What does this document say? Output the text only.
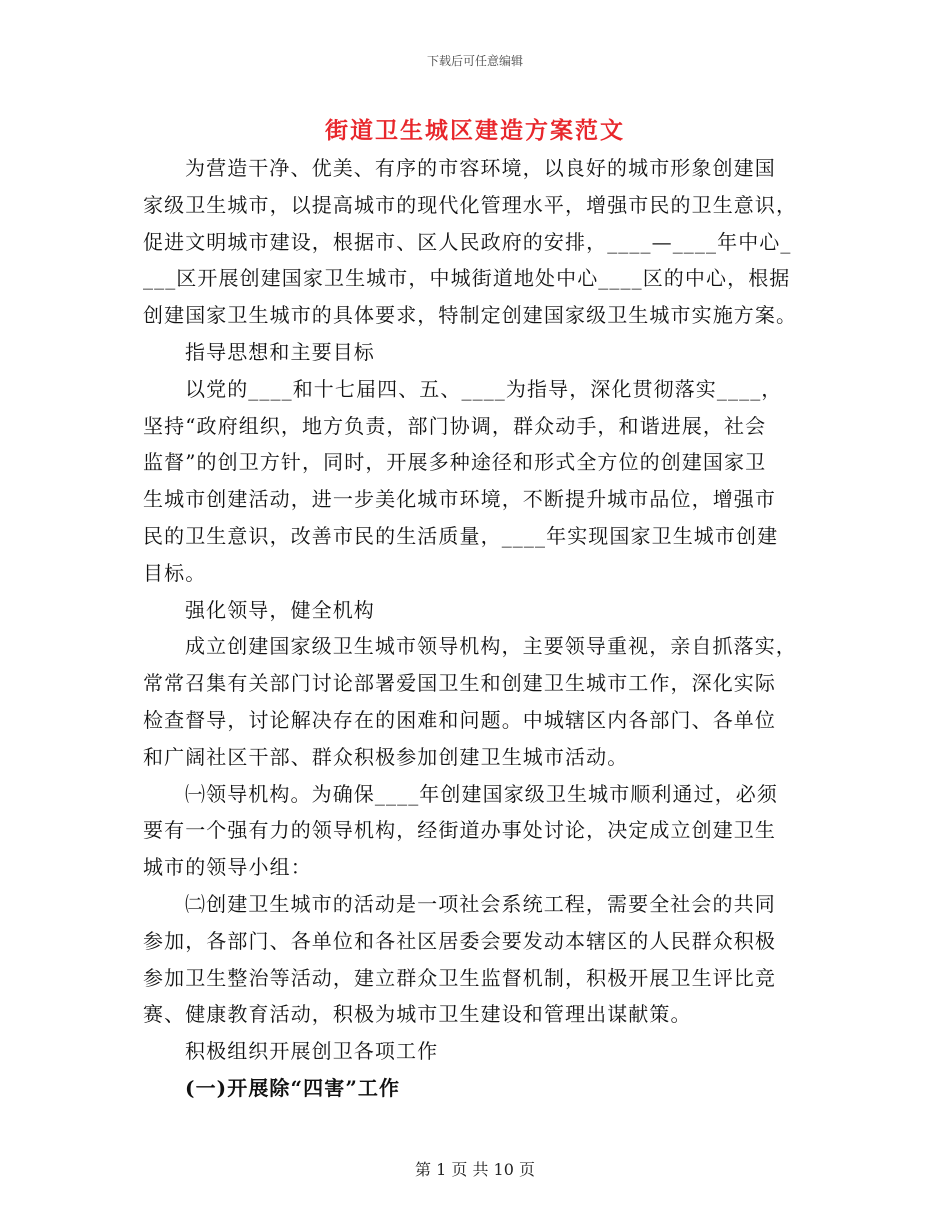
下载后可任意编辑
街道卫生城区建造方案范文
为营造干净、优美、有序的市容环境，以良好的城市形象创建国
家级卫生城市，以提高城市的现代化管理水平，增强市民的卫生意识，
促进文明城市建设，根据市、区人民政府的安排，____—____年中心_
___区开展创建国家卫生城市，中城街道地处中心____区的中心，根据
创建国家卫生城市的具体要求，特制定创建国家级卫生城市实施方案。
指导思想和主要目标
以党的____和十七届四、五、____为指导，深化贯彻落实____，
坚持“政府组织，地方负责，部门协调，群众动手，和谐进展，社会
监督”的创卫方针，同时，开展多种途径和形式全方位的创建国家卫
生城市创建活动，进一步美化城市环境，不断提升城市品位，增强市
民的卫生意识，改善市民的生活质量，____年实现国家卫生城市创建
目标。
强化领导，健全机构
成立创建国家级卫生城市领导机构，主要领导重视，亲自抓落实，
常常召集有关部门讨论部署爱国卫生和创建卫生城市工作，深化实际
检查督导，讨论解决存在的困难和问题。中城辖区内各部门、各单位
和广阔社区干部、群众积极参加创建卫生城市活动。
㈠领导机构。为确保____年创建国家级卫生城市顺利通过，必须
要有一个强有力的领导机构，经街道办事处讨论，决定成立创建卫生
城市的领导小组：
㈡创建卫生城市的活动是一项社会系统工程，需要全社会的共同
参加，各部门、各单位和各社区居委会要发动本辖区的人民群众积极
参加卫生整治等活动，建立群众卫生监督机制，积极开展卫生评比竞
赛、健康教育活动，积极为城市卫生建设和管理出谋献策。
积极组织开展创卫各项工作
(一)开展除“四害”工作
第 1 页 共 10 页
